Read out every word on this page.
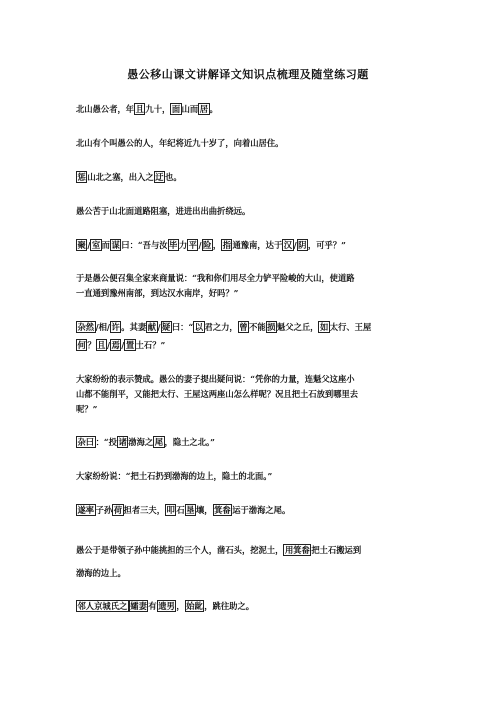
愚公移山课文讲解译文知识点梳理及随堂练习题
北山愚公者，年 且 九十， 面 山而 居 。
北山有个叫愚公的人，年纪将近九十岁了，向着山居住。
惩 山北之塞，出入之 迂 也。
愚公苦于山北面道路阻塞，进进出出曲折绕远。
聚 / 室 而 谋 曰：“吾与汝 毕 力 平 / 险 ， 指 通豫南，达于 汉 / 阴 ，可乎？”
于是愚公便召集全家来商量说：“我和你们用尽全力铲平险峻的大山，使道路
一直通到豫州南部，到达汉水南岸，好吗？”
杂然 /相/ 许 。其妻 献 / 疑 曰：“ 以 君之力， 曾 不能 损 魁父之丘， 如 太行、王屋
何 ？ 且 / 焉 / 置 土石？”
大家纷纷的表示赞成。愚公的妻子提出疑问说：“凭你的力量，连魁父这座小
山都不能削平，又能把太行、王屋这两座山怎么样呢？况且把土石放到哪里去
呢？”
杂曰 ：“投 诸 渤海之 尾 ，隐土之北。”
大家纷纷说：“把土石扔到渤海的边上，隐土的北面。”
遂率 子孙 荷 担者三夫， 叩 石 垦 壤， 箕畚 运于渤海之尾。
愚公于是带领子孙中能挑担的三个人，凿石头，挖泥土， 用箕畚 把土石搬运到
渤海的边上。
邻人京城氏之 孀妻 有 遗男 ， 始龀 ，跳往助之。
